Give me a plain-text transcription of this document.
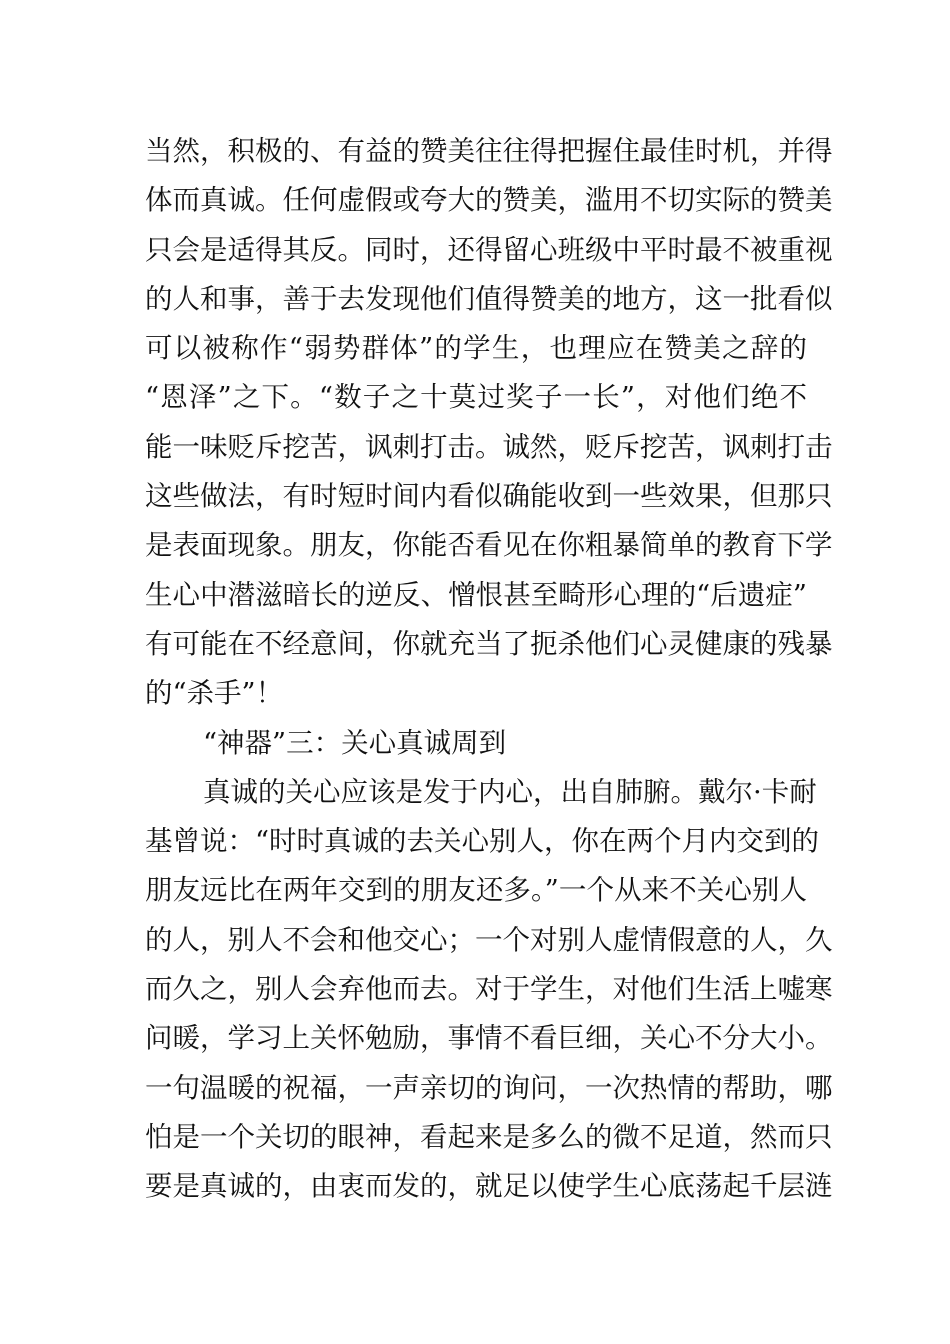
当然，积极的、有益的赞美往往得把握住最佳时机，并得
体而真诚。任何虚假或夸大的赞美，滥用不切实际的赞美
只会是适得其反。同时，还得留心班级中平时最不被重视
的人和事，善于去发现他们值得赞美的地方，这一批看似
可以被称作“弱势群体”的学生，也理应在赞美之辞的
“恩泽”之下。“数子之十莫过奖子一长”，对他们绝不
能一味贬斥挖苦，讽刺打击。诚然，贬斥挖苦，讽刺打击
这些做法，有时短时间内看似确能收到一些效果，但那只
是表面现象。朋友，你能否看见在你粗暴简单的教育下学
生心中潜滋暗长的逆反、憎恨甚至畸形心理的“后遗症”
有可能在不经意间，你就充当了扼杀他们心灵健康的残暴
的“杀手”！
“神器”三：关心真诚周到
真诚的关心应该是发于内心，出自肺腑。戴尔·卡耐
基曾说：“时时真诚的去关心别人，你在两个月内交到的
朋友远比在两年交到的朋友还多。”一个从来不关心别人
的人，别人不会和他交心；一个对别人虚情假意的人，久
而久之，别人会弃他而去。对于学生，对他们生活上嘘寒
问暖，学习上关怀勉励，事情不看巨细，关心不分大小。
一句温暖的祝福，一声亲切的询问，一次热情的帮助，哪
怕是一个关切的眼神，看起来是多么的微不足道，然而只
要是真诚的，由衷而发的，就足以使学生心底荡起千层涟
